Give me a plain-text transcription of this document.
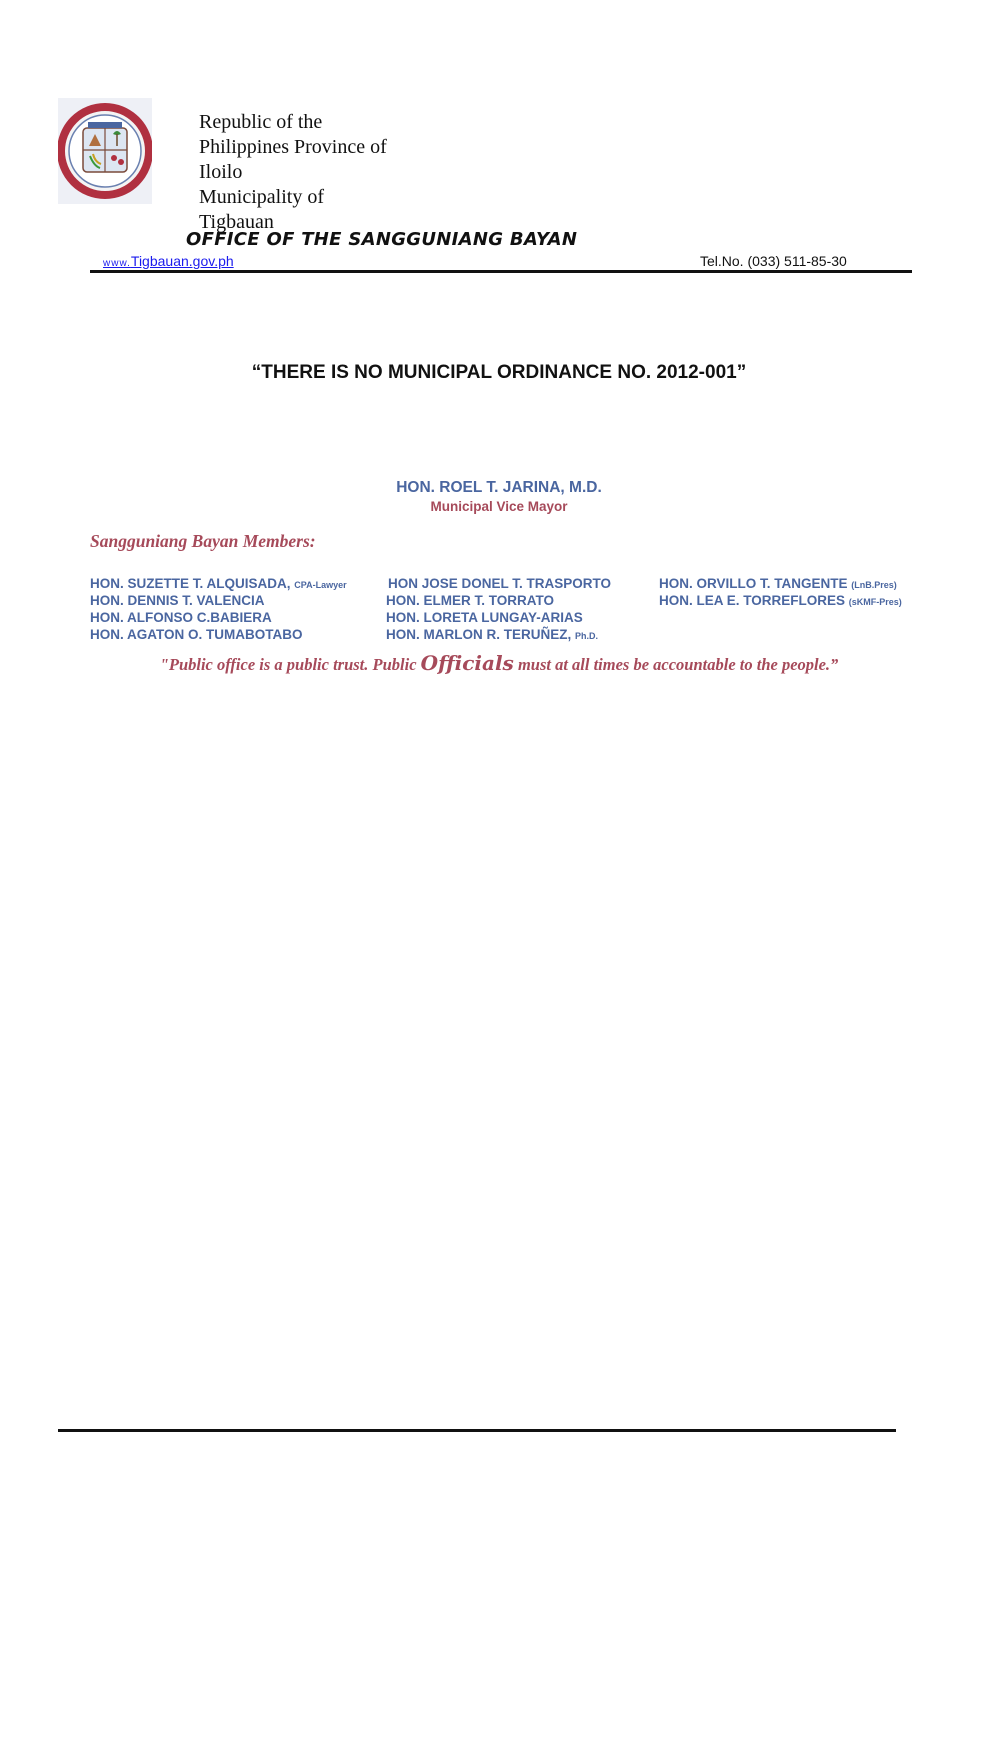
Republic of the
Philippines Province of
Iloilo
Municipality of
Tigbauan
OFFICE OF THE SANGGUNIANG BAYAN
www.Tigbauan.gov.ph	Tel.No. (033) 511-85-30
“THERE IS NO MUNICIPAL ORDINANCE NO. 2012-001”
HON. ROEL T. JARINA, M.D.
Municipal Vice Mayor
Sangguniang Bayan Members:
HON. SUZETTE T. ALQUISADA, CPA-Lawyer	HON JOSE DONEL T. TRASPORTO	HON. ORVILLO T. TANGENTE (LnB.Pres)
HON. DENNIS T. VALENCIA	HON. ELMER T. TORRATO	HON. LEA E. TORREFLORES (sKMF-Pres)
HON. ALFONSO C.BABIERA	HON. LORETA LUNGAY-ARIAS
HON. AGATON O. TUMABOTABO	HON. MARLON R. TERUÑEZ, Ph.D.
"Public office is a public trust. Public Officials must at all times be accountable to the people.”
